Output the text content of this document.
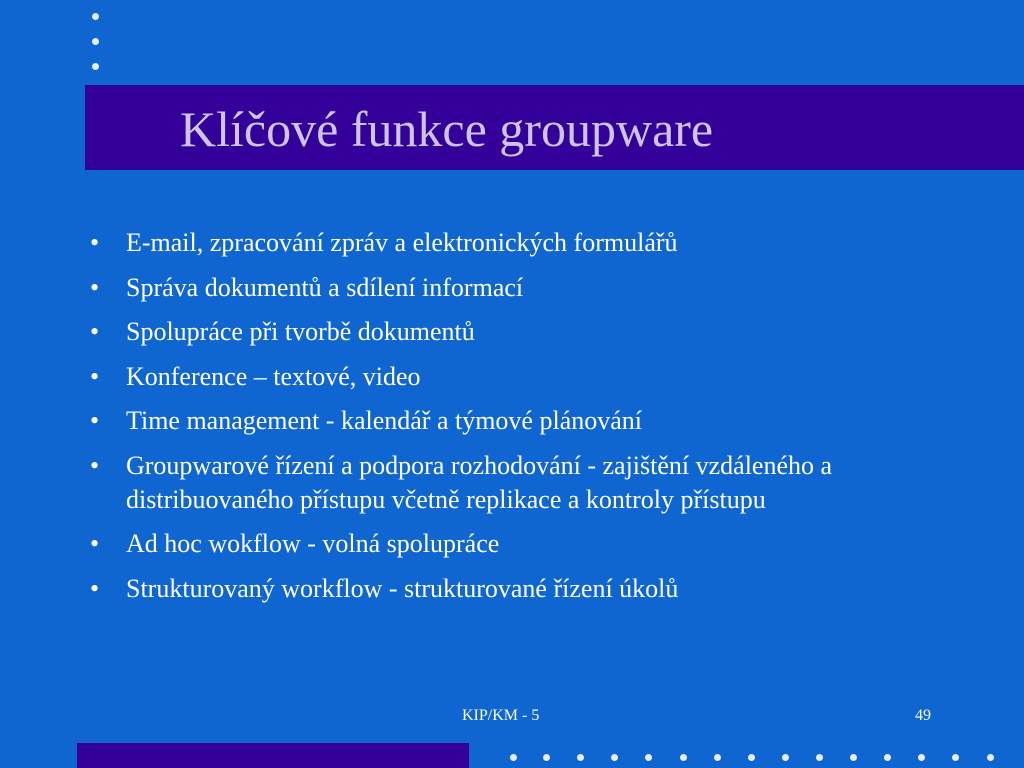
Klíčové funkce groupware
• E-mail, zpracování zpráv a elektronických formulářů
• Správa dokumentů a sdílení informací
• Spolupráce při tvorbě dokumentů
• Konference – textové, video
• Time management - kalendář a týmové plánování
• Groupwarové řízení a podpora rozhodování - zajištění vzdáleného a distribuovaného přístupu včetně replikace a kontroly přístupu
• Ad hoc wokflow - volná spolupráce
• Strukturovaný workflow - strukturované řízení úkolů
KIP/KM - 5	49
